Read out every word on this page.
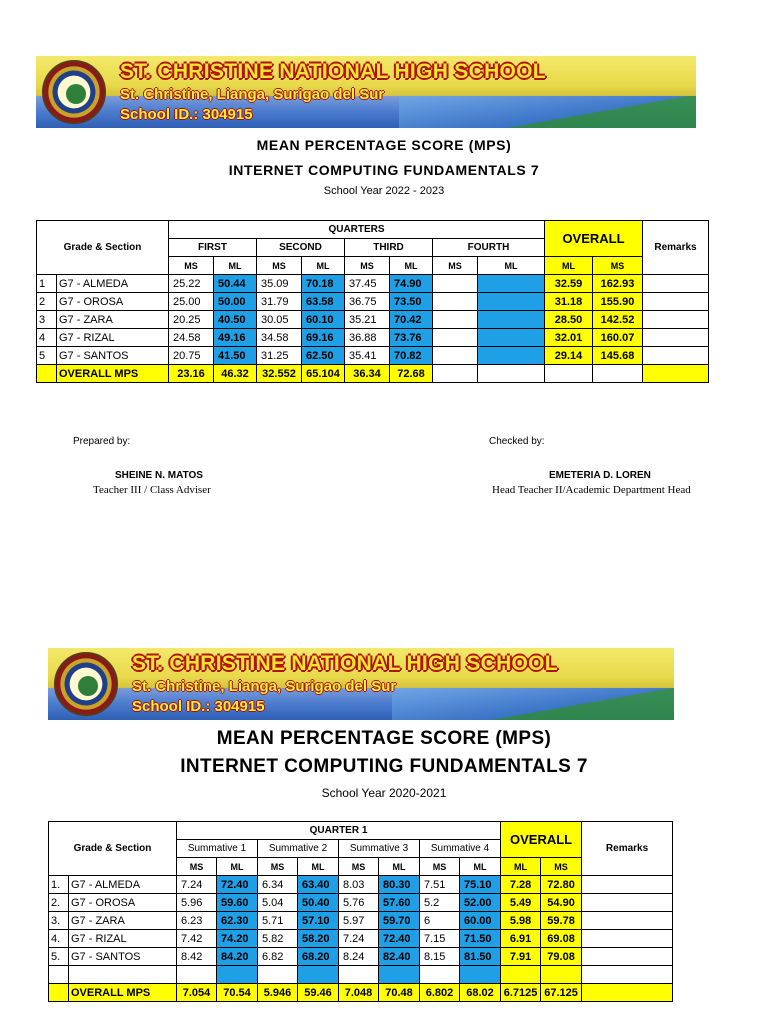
ST. CHRISTINE NATIONAL HIGH SCHOOL
St. Christine, Lianga, Surigao del Sur
School ID.: 304915
MEAN PERCENTAGE SCORE (MPS)
INTERNET COMPUTING FUNDAMENTALS 7
School Year 2022 - 2023
Grade & Section		QUARTERS								OVERALL		Remarks
		FIRST		SECOND		THIRD		FOURTH				
		MS	ML	MS	ML	MS	ML	MS	ML	ML	MS	
1	G7 - ALMEDA	25.22	50.44	35.09	70.18	37.45	74.90			32.59	162.93	
2	G7 - OROSA	25.00	50.00	31.79	63.58	36.75	73.50			31.18	155.90	
3	G7 - ZARA	20.25	40.50	30.05	60.10	35.21	70.42			28.50	142.52	
4	G7 - RIZAL	24.58	49.16	34.58	69.16	36.88	73.76			32.01	160.07	
5	G7 - SANTOS	20.75	41.50	31.25	62.50	35.41	70.82			29.14	145.68	
	OVERALL MPS	23.16	46.32	32.552	65.104	36.34	72.68					
Prepared by:
SHEINE N. MATOS
Teacher III / Class Adviser
Checked by:
EMETERIA D. LOREN
Head Teacher II/Academic Department Head
ST. CHRISTINE NATIONAL HIGH SCHOOL
St. Christine, Lianga, Surigao del Sur
School ID.: 304915
MEAN PERCENTAGE SCORE (MPS)
INTERNET COMPUTING FUNDAMENTALS 7
School Year 2020-2021
Grade & Section		QUARTER 1								OVERALL		Remarks
		Summative 1		Summative 2		Summative 3		Summative 4				
		MS	ML	MS	ML	MS	ML	MS	ML	ML	MS	
1.	G7 - ALMEDA	7.24	72.40	6.34	63.40	8.03	80.30	7.51	75.10	7.28	72.80	
2.	G7 - OROSA	5.96	59.60	5.04	50.40	5.76	57.60	5.2	52.00	5.49	54.90	
3.	G7 - ZARA	6.23	62.30	5.71	57.10	5.97	59.70	6	60.00	5.98	59.78	
4.	G7 - RIZAL	7.42	74.20	5.82	58.20	7.24	72.40	7.15	71.50	6.91	69.08	
5.	G7 - SANTOS	8.42	84.20	6.82	68.20	8.24	82.40	8.15	81.50	7.91	79.08	

	OVERALL MPS	7.054	70.54	5.946	59.46	7.048	70.48	6.802	68.02	6.7125	67.125	
